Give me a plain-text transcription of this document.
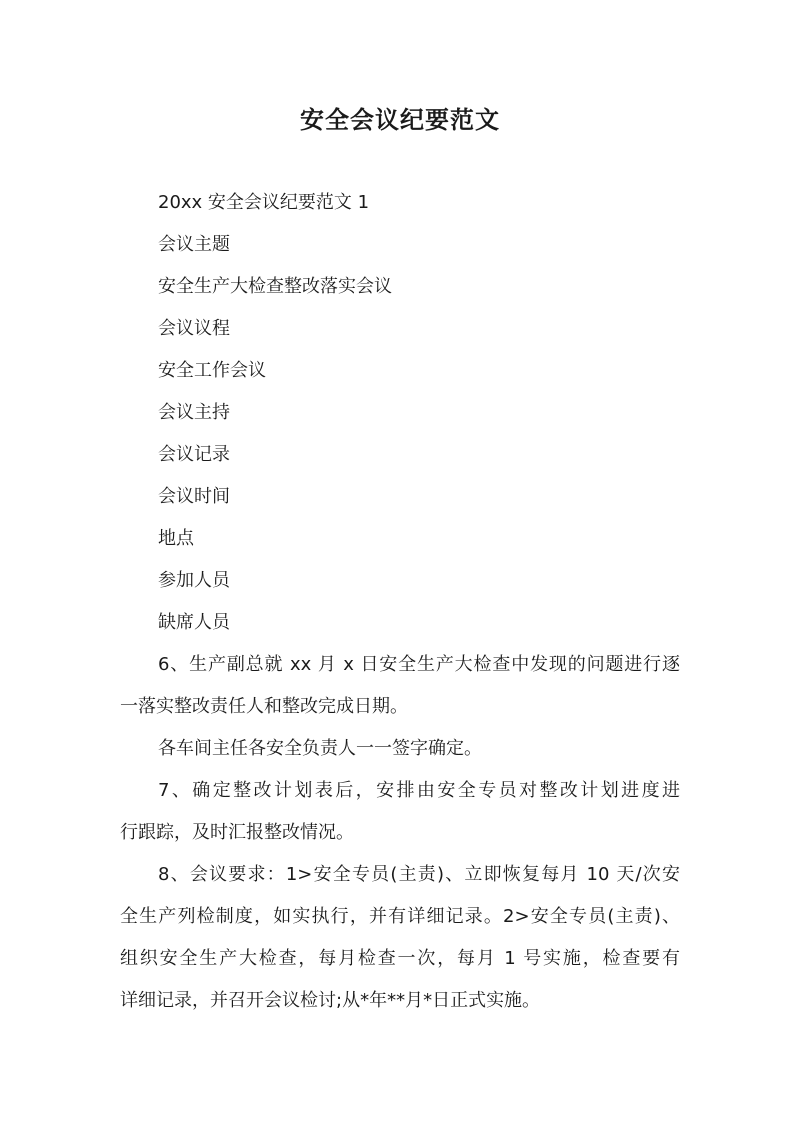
安全会议纪要范文
20xx 安全会议纪要范文 1
会议主题
安全生产大检查整改落实会议
会议议程
安全工作会议
会议主持
会议记录
会议时间
地点
参加人员
缺席人员
6、生产副总就 xx 月 x 日安全生产大检查中发现的问题进行逐
一落实整改责任人和整改完成日期。
各车间主任各安全负责人一一签字确定。
7、确定整改计划表后，安排由安全专员对整改计划进度进
行跟踪，及时汇报整改情况。
8、会议要求：1>安全专员(主责)、立即恢复每月 10 天/次安
全生产列检制度，如实执行，并有详细记录。2>安全专员(主责)、
组织安全生产大检查，每月检查一次，每月 1 号实施，检查要有
详细记录，并召开会议检讨;从*年**月*日正式实施。
